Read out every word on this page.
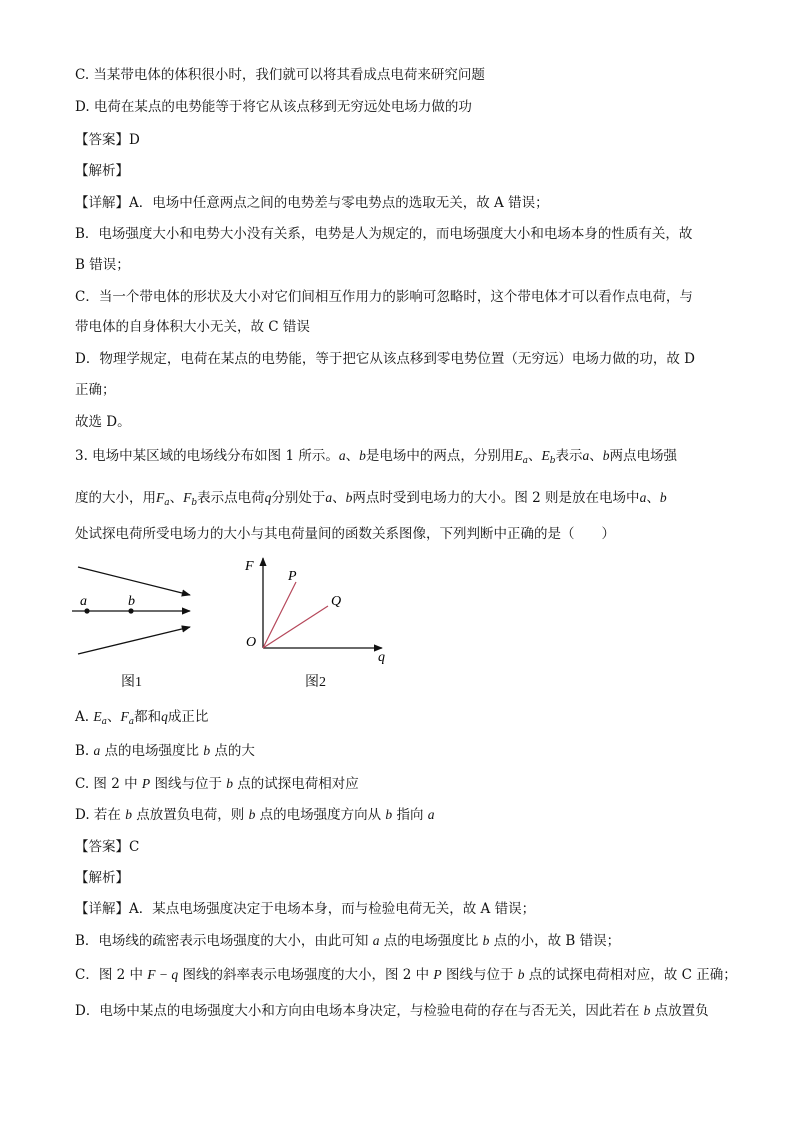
C. 当某带电体的体积很小时，我们就可以将其看成点电荷来研究问题
D. 电荷在某点的电势能等于将它从该点移到无穷远处电场力做的功
【答案】D
【解析】
【详解】A．电场中任意两点之间的电势差与零电势点的选取无关，故 A 错误；
B．电场强度大小和电势大小没有关系，电势是人为规定的，而电场强度大小和电场本身的性质有关，故
B 错误；
C．当一个带电体的形状及大小对它们间相互作用力的影响可忽略时，这个带电体才可以看作点电荷，与
带电体的自身体积大小无关，故 C 错误
D．物理学规定，电荷在某点的电势能，等于把它从该点移到零电势位置（无穷远）电场力做的功，故 D
正确；
故选 D。
3. 电场中某区域的电场线分布如图 1 所示。a、b是电场中的两点，分别用$E_a$、$E_b$表示a、b两点电场强
度的大小，用$F_a$、$F_b$表示点电荷q分别处于a、b两点时受到电场力的大小。图 2 则是放在电场中a、b
处试探电荷所受电场力的大小与其电荷量间的函数关系图像，下列判断中正确的是（　　）
a	b
图1
F
P
Q
O
q
图2
A. $E_a$、$F_a$都和q成正比
B. a 点的电场强度比 b 点的大
C. 图 2 中 P 图线与位于 b 点的试探电荷相对应
D. 若在 b 点放置负电荷，则 b 点的电场强度方向从 b 指向 a
【答案】C
【解析】
【详解】A．某点电场强度决定于电场本身，而与检验电荷无关，故 A 错误；
B．电场线的疏密表示电场强度的大小，由此可知 a 点的电场强度比 b 点的小，故 B 错误；
C．图 2 中 F − q 图线的斜率表示电场强度的大小，图 2 中 P 图线与位于 b 点的试探电荷相对应，故 C 正确；
D．电场中某点的电场强度大小和方向由电场本身决定，与检验电荷的存在与否无关，因此若在 b 点放置负
